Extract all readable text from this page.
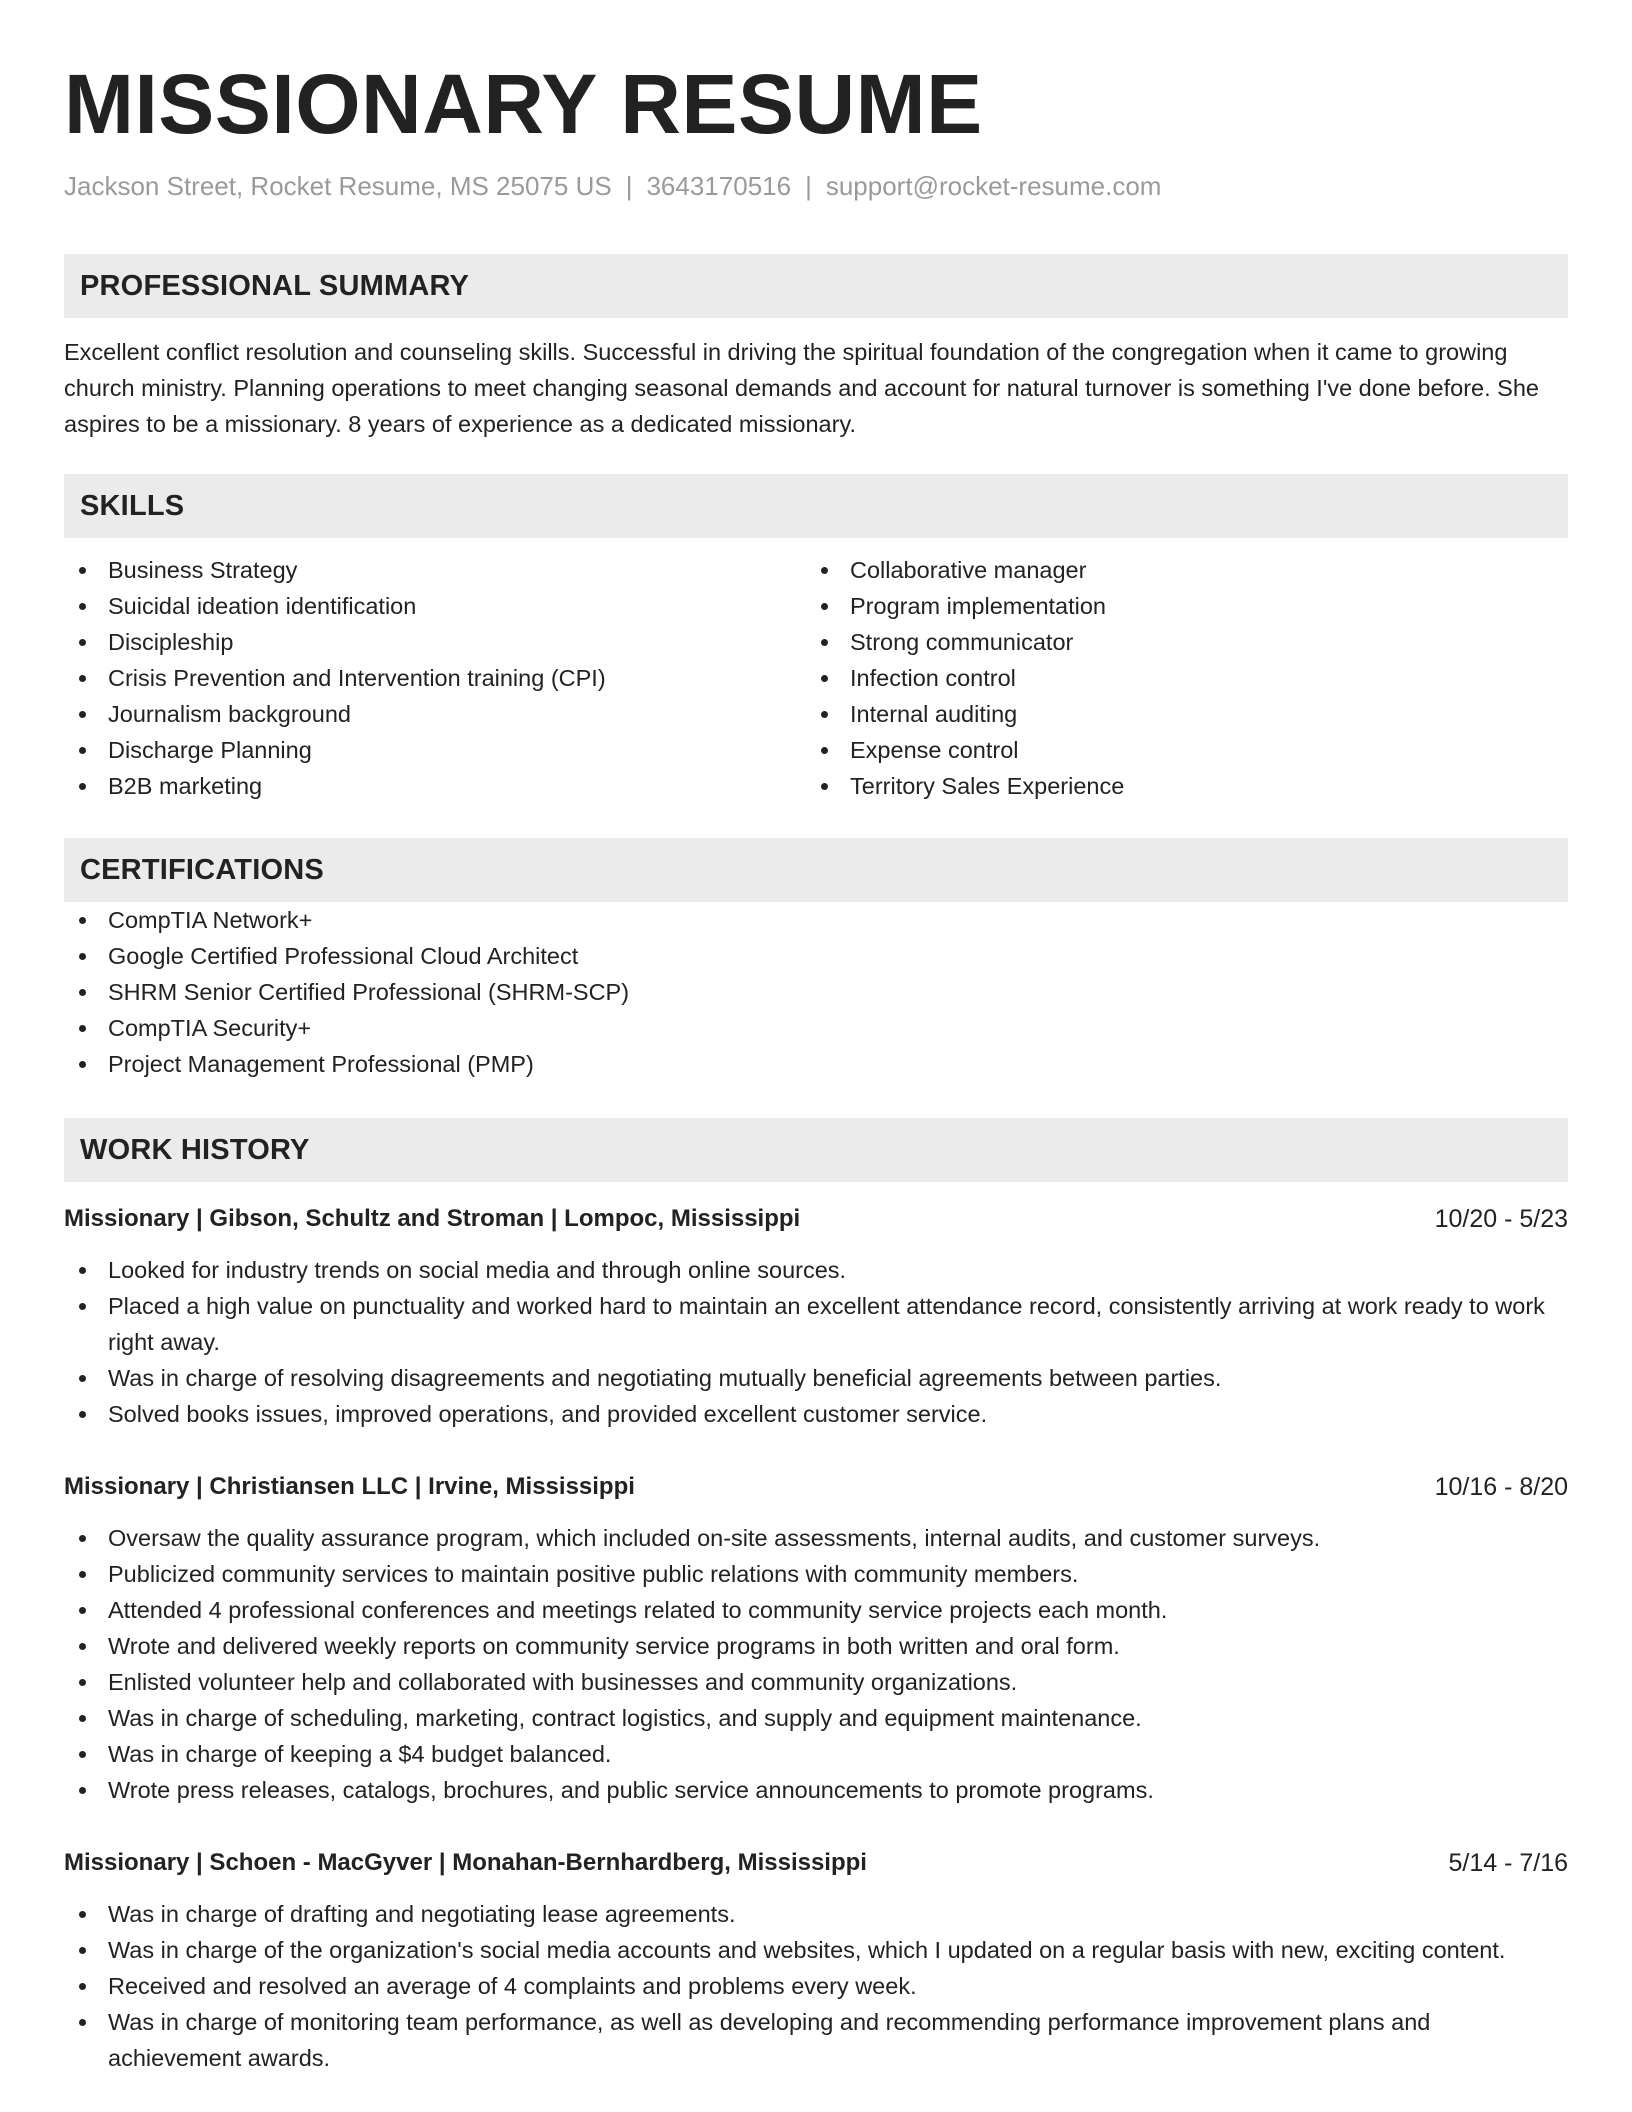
MISSIONARY RESUME
Jackson Street, Rocket Resume, MS 25075 US | 3643170516 | support@rocket-resume.com
PROFESSIONAL SUMMARY
Excellent conflict resolution and counseling skills. Successful in driving the spiritual foundation of the congregation when it came to growing church ministry. Planning operations to meet changing seasonal demands and account for natural turnover is something I've done before. She aspires to be a missionary. 8 years of experience as a dedicated missionary.
SKILLS
Business Strategy
Suicidal ideation identification
Discipleship
Crisis Prevention and Intervention training (CPI)
Journalism background
Discharge Planning
B2B marketing
Collaborative manager
Program implementation
Strong communicator
Infection control
Internal auditing
Expense control
Territory Sales Experience
CERTIFICATIONS
CompTIA Network+
Google Certified Professional Cloud Architect
SHRM Senior Certified Professional (SHRM-SCP)
CompTIA Security+
Project Management Professional (PMP)
WORK HISTORY
Missionary | Gibson, Schultz and Stroman | Lompoc, Mississippi	10/20 - 5/23
Looked for industry trends on social media and through online sources.
Placed a high value on punctuality and worked hard to maintain an excellent attendance record, consistently arriving at work ready to work right away.
Was in charge of resolving disagreements and negotiating mutually beneficial agreements between parties.
Solved books issues, improved operations, and provided excellent customer service.
Missionary | Christiansen LLC | Irvine, Mississippi	10/16 - 8/20
Oversaw the quality assurance program, which included on-site assessments, internal audits, and customer surveys.
Publicized community services to maintain positive public relations with community members.
Attended 4 professional conferences and meetings related to community service projects each month.
Wrote and delivered weekly reports on community service programs in both written and oral form.
Enlisted volunteer help and collaborated with businesses and community organizations.
Was in charge of scheduling, marketing, contract logistics, and supply and equipment maintenance.
Was in charge of keeping a $4 budget balanced.
Wrote press releases, catalogs, brochures, and public service announcements to promote programs.
Missionary | Schoen - MacGyver | Monahan-Bernhardberg, Mississippi	5/14 - 7/16
Was in charge of drafting and negotiating lease agreements.
Was in charge of the organization's social media accounts and websites, which I updated on a regular basis with new, exciting content.
Received and resolved an average of 4 complaints and problems every week.
Was in charge of monitoring team performance, as well as developing and recommending performance improvement plans and achievement awards.
